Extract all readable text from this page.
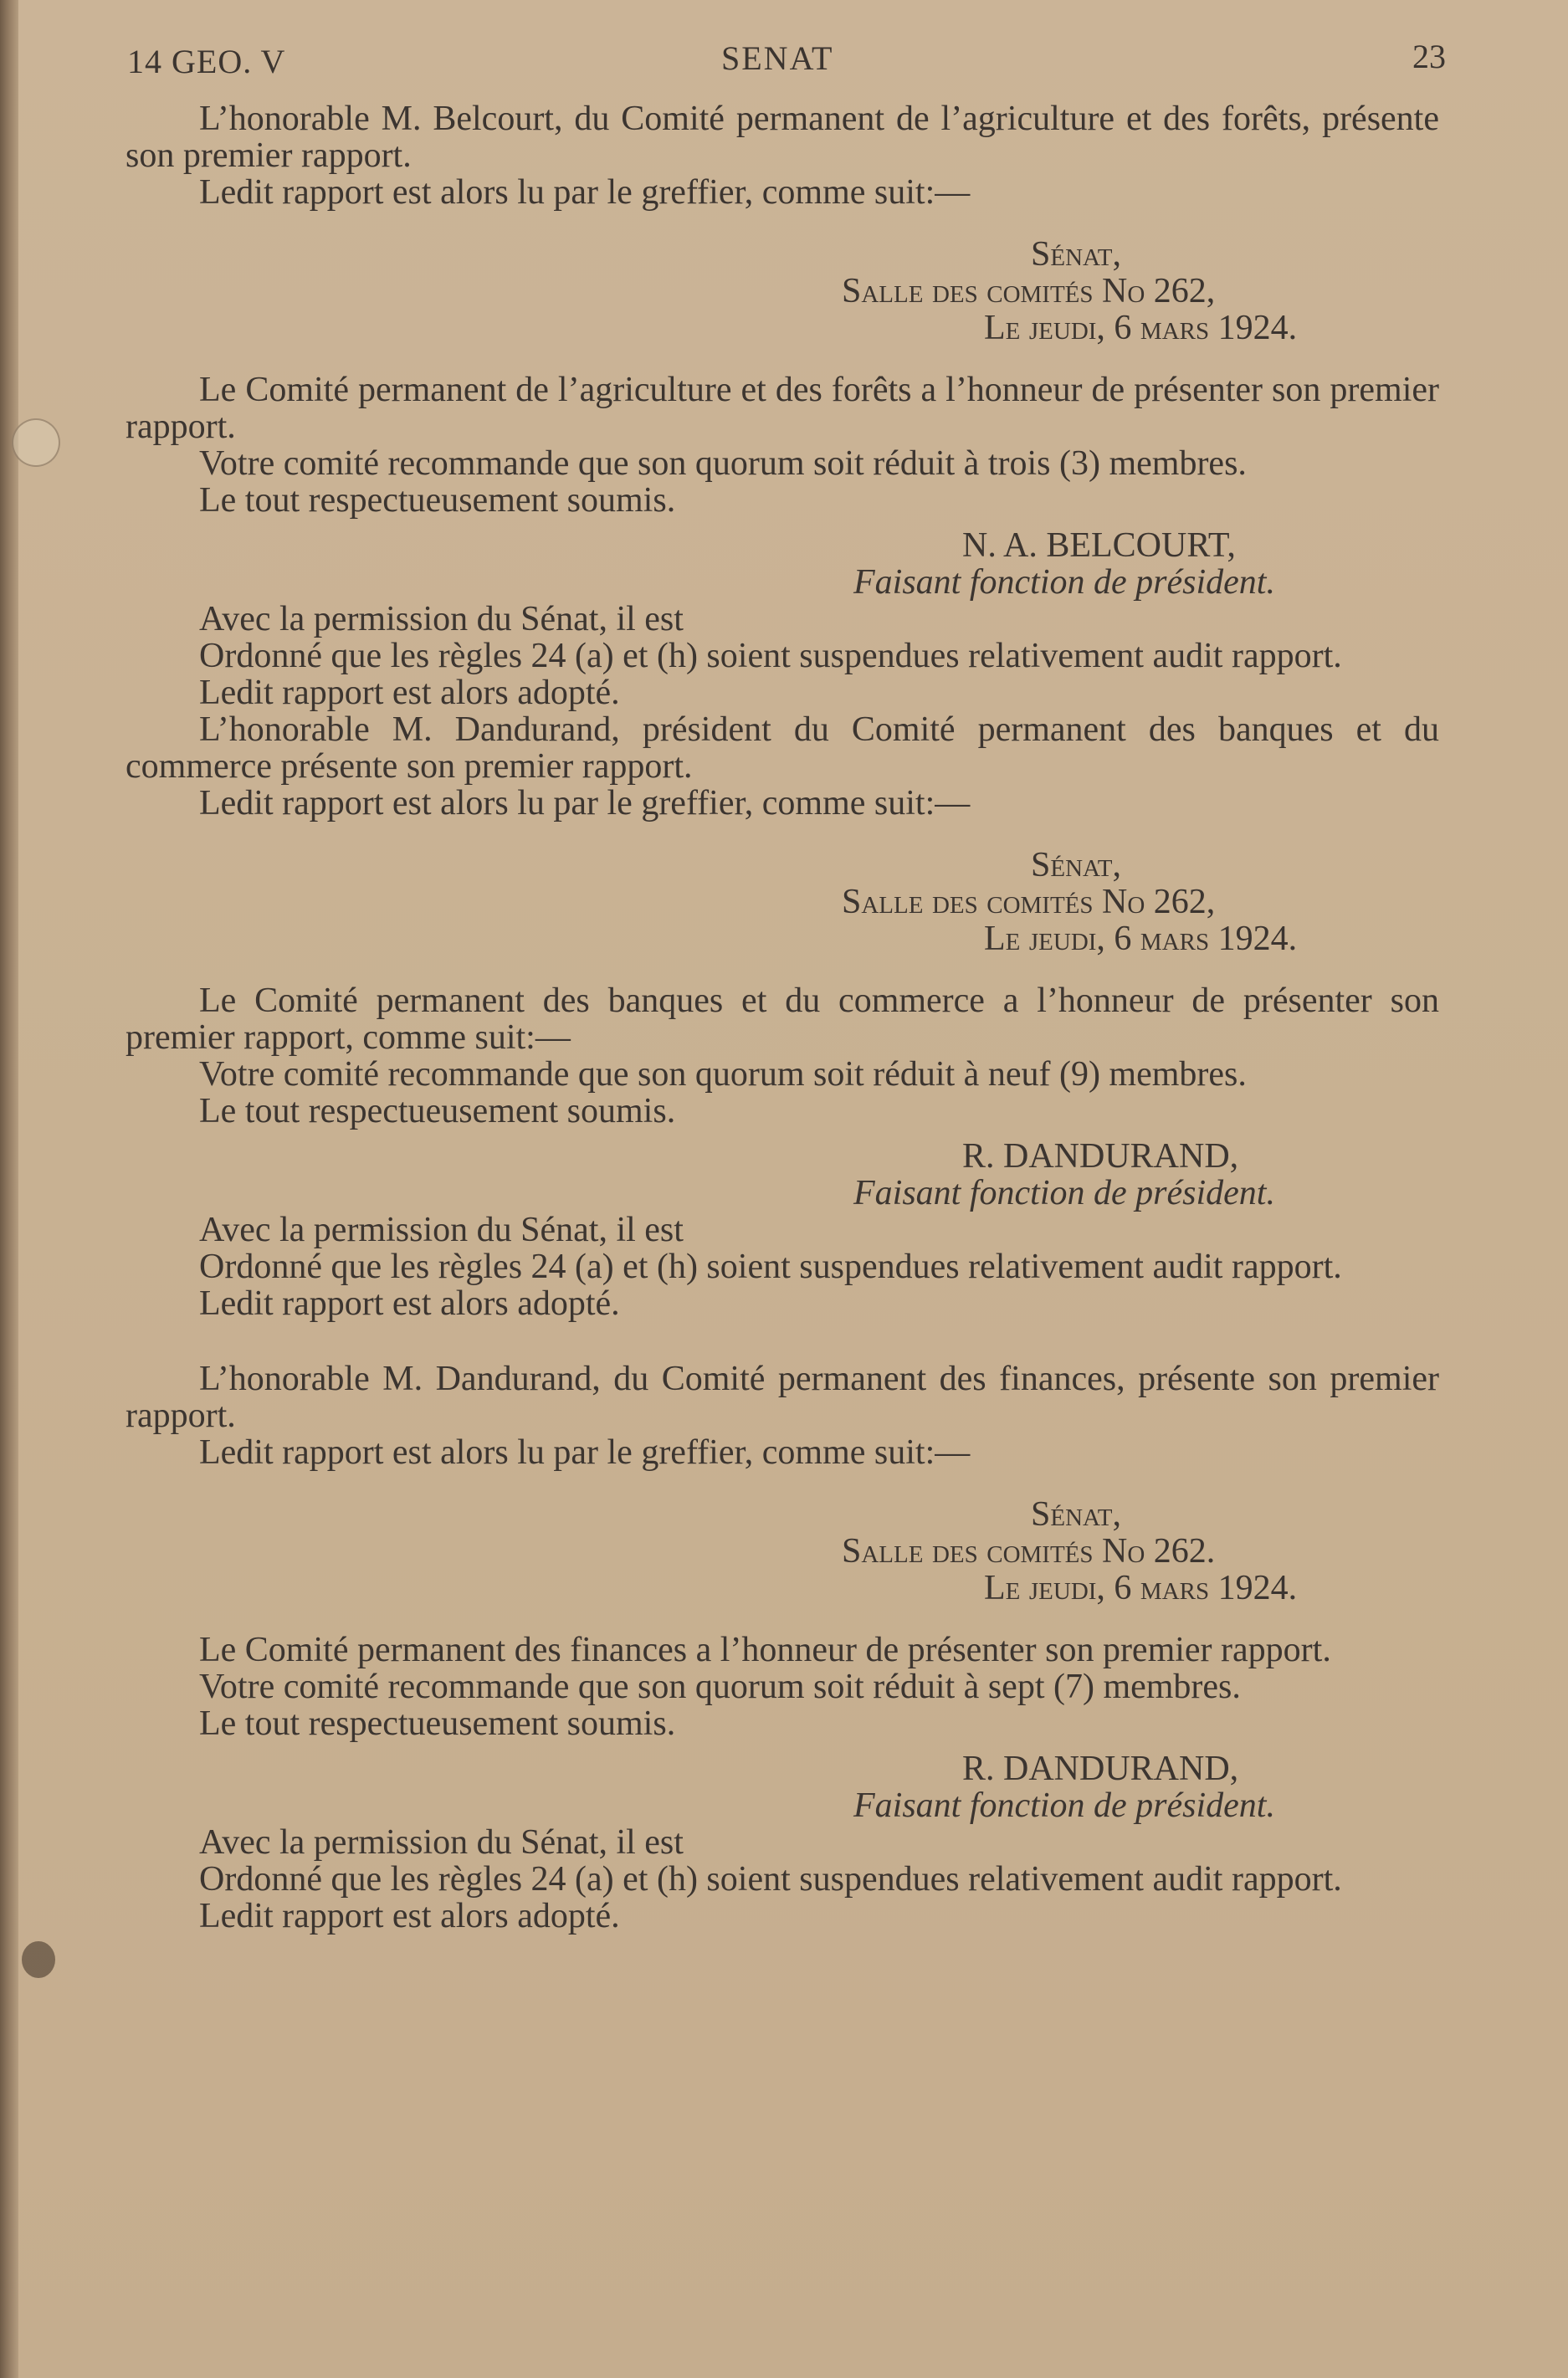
14 GEO. V	SENAT	23

L’honorable M. Belcourt, du Comité permanent de l’agriculture et des forêts, présente son premier rapport.

Ledit rapport est alors lu par le greffier, comme suit:—

Sénat,

Salle des comités No 262,

Le jeudi, 6 mars 1924.

Le Comité permanent de l’agriculture et des forêts a l’honneur de présenter son premier rapport.

Votre comité recommande que son quorum soit réduit à trois (3) membres.

Le tout respectueusement soumis.

N. A. BELCOURT,

Faisant fonction de président.

Avec la permission du Sénat, il est

Ordonné que les règles 24 (a) et (h) soient suspendues relativement audit rapport.

Ledit rapport est alors adopté.

L’honorable M. Dandurand, président du Comité permanent des banques et du commerce présente son premier rapport.

Ledit rapport est alors lu par le greffier, comme suit:—

Sénat,

Salle des comités No 262,

Le jeudi, 6 mars 1924.

Le Comité permanent des banques et du commerce a l’honneur de présenter son premier rapport, comme suit:—

Votre comité recommande que son quorum soit réduit à neuf (9) membres.

Le tout respectueusement soumis.

R. DANDURAND,

Faisant fonction de président.

Avec la permission du Sénat, il est

Ordonné que les règles 24 (a) et (h) soient suspendues relativement audit rapport.

Ledit rapport est alors adopté.

L’honorable M. Dandurand, du Comité permanent des finances, présente son premier rapport.

Ledit rapport est alors lu par le greffier, comme suit:—

Sénat,

Salle des comités No 262.

Le jeudi, 6 mars 1924.

Le Comité permanent des finances a l’honneur de présenter son premier rapport.

Votre comité recommande que son quorum soit réduit à sept (7) membres.

Le tout respectueusement soumis.

R. DANDURAND,

Faisant fonction de président.

Avec la permission du Sénat, il est

Ordonné que les règles 24 (a) et (h) soient suspendues relativement audit rapport.

Ledit rapport est alors adopté.
